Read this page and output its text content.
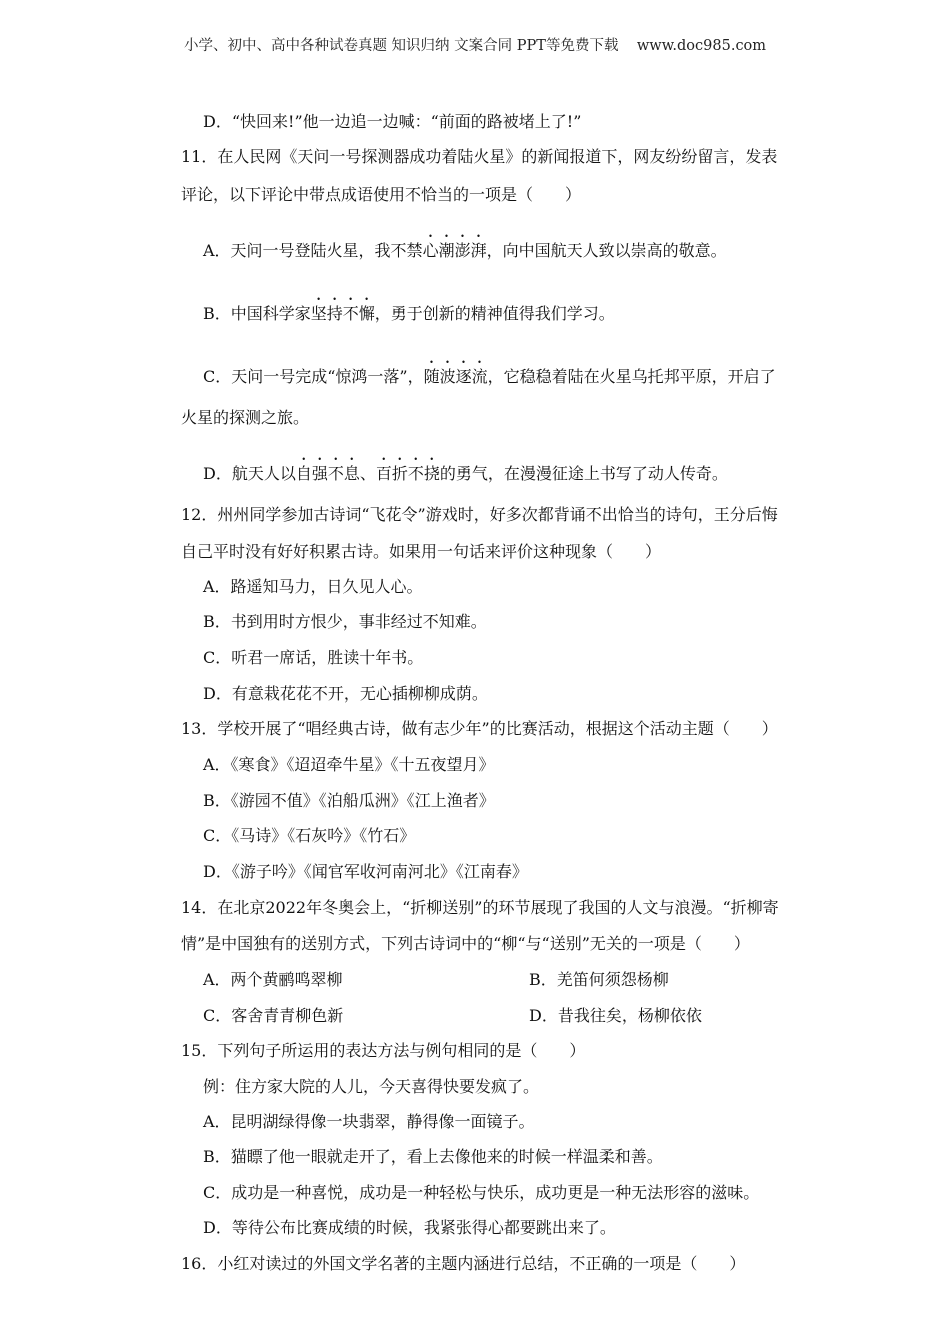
小学、初中、高中各种试卷真题 知识归纳 文案合同 PPT等免费下载    www.doc985.com
D．“快回来!”他一边追一边喊：“前面的路被堵上了!”
11．在人民网《天问一号探测器成功着陆火星》的新闻报道下，网友纷纷留言，发表
评论，以下评论中带点成语使用不恰当的一项是（　　）
A．天问一号登陆火星，我不禁心潮澎湃，向中国航天人致以崇高的敬意。
B．中国科学家坚持不懈，勇于创新的精神值得我们学习。
C．天问一号完成“惊鸿一落”，随波逐流，它稳稳着陆在火星乌托邦平原，开启了
火星的探测之旅。
D．航天人以自强不息、百折不挠的勇气，在漫漫征途上书写了动人传奇。
12．州州同学参加古诗词“飞花令”游戏时，好多次都背诵不出恰当的诗句，王分后悔
自己平时没有好好积累古诗。如果用一句话来评价这种现象（　　）
A．路遥知马力，日久见人心。
B．书到用时方恨少，事非经过不知难。
C．听君一席话，胜读十年书。
D．有意栽花花不开，无心插柳柳成荫。
13．学校开展了“唱经典古诗，做有志少年”的比赛活动，根据这个活动主题（　　）
A．《寒食》《迢迢牵牛星》《十五夜望月》
B．《游园不值》《泊船瓜洲》《江上渔者》
C．《马诗》《石灰吟》《竹石》
D．《游子吟》《闻官军收河南河北》《江南春》
14．在北京2022年冬奥会上，“折柳送别”的环节展现了我国的人文与浪漫。“折柳寄
情”是中国独有的送别方式，下列古诗词中的“柳“与“送别”无关的一项是（　　）
A．两个黄鹂鸣翠柳	B．羌笛何须怨杨柳
C．客舍青青柳色新	D．昔我往矣，杨柳依依
15．下列句子所运用的表达方法与例句相同的是（　　）
例：住方家大院的人儿，今天喜得快要发疯了。
A．昆明湖绿得像一块翡翠，静得像一面镜子。
B．猫瞟了他一眼就走开了，看上去像他来的时候一样温柔和善。
C．成功是一种喜悦，成功是一种轻松与快乐，成功更是一种无法形容的滋味。
D．等待公布比赛成绩的时候，我紧张得心都要跳出来了。
16．小红对读过的外国文学名著的主题内涵进行总结，不正确的一项是（　　）
